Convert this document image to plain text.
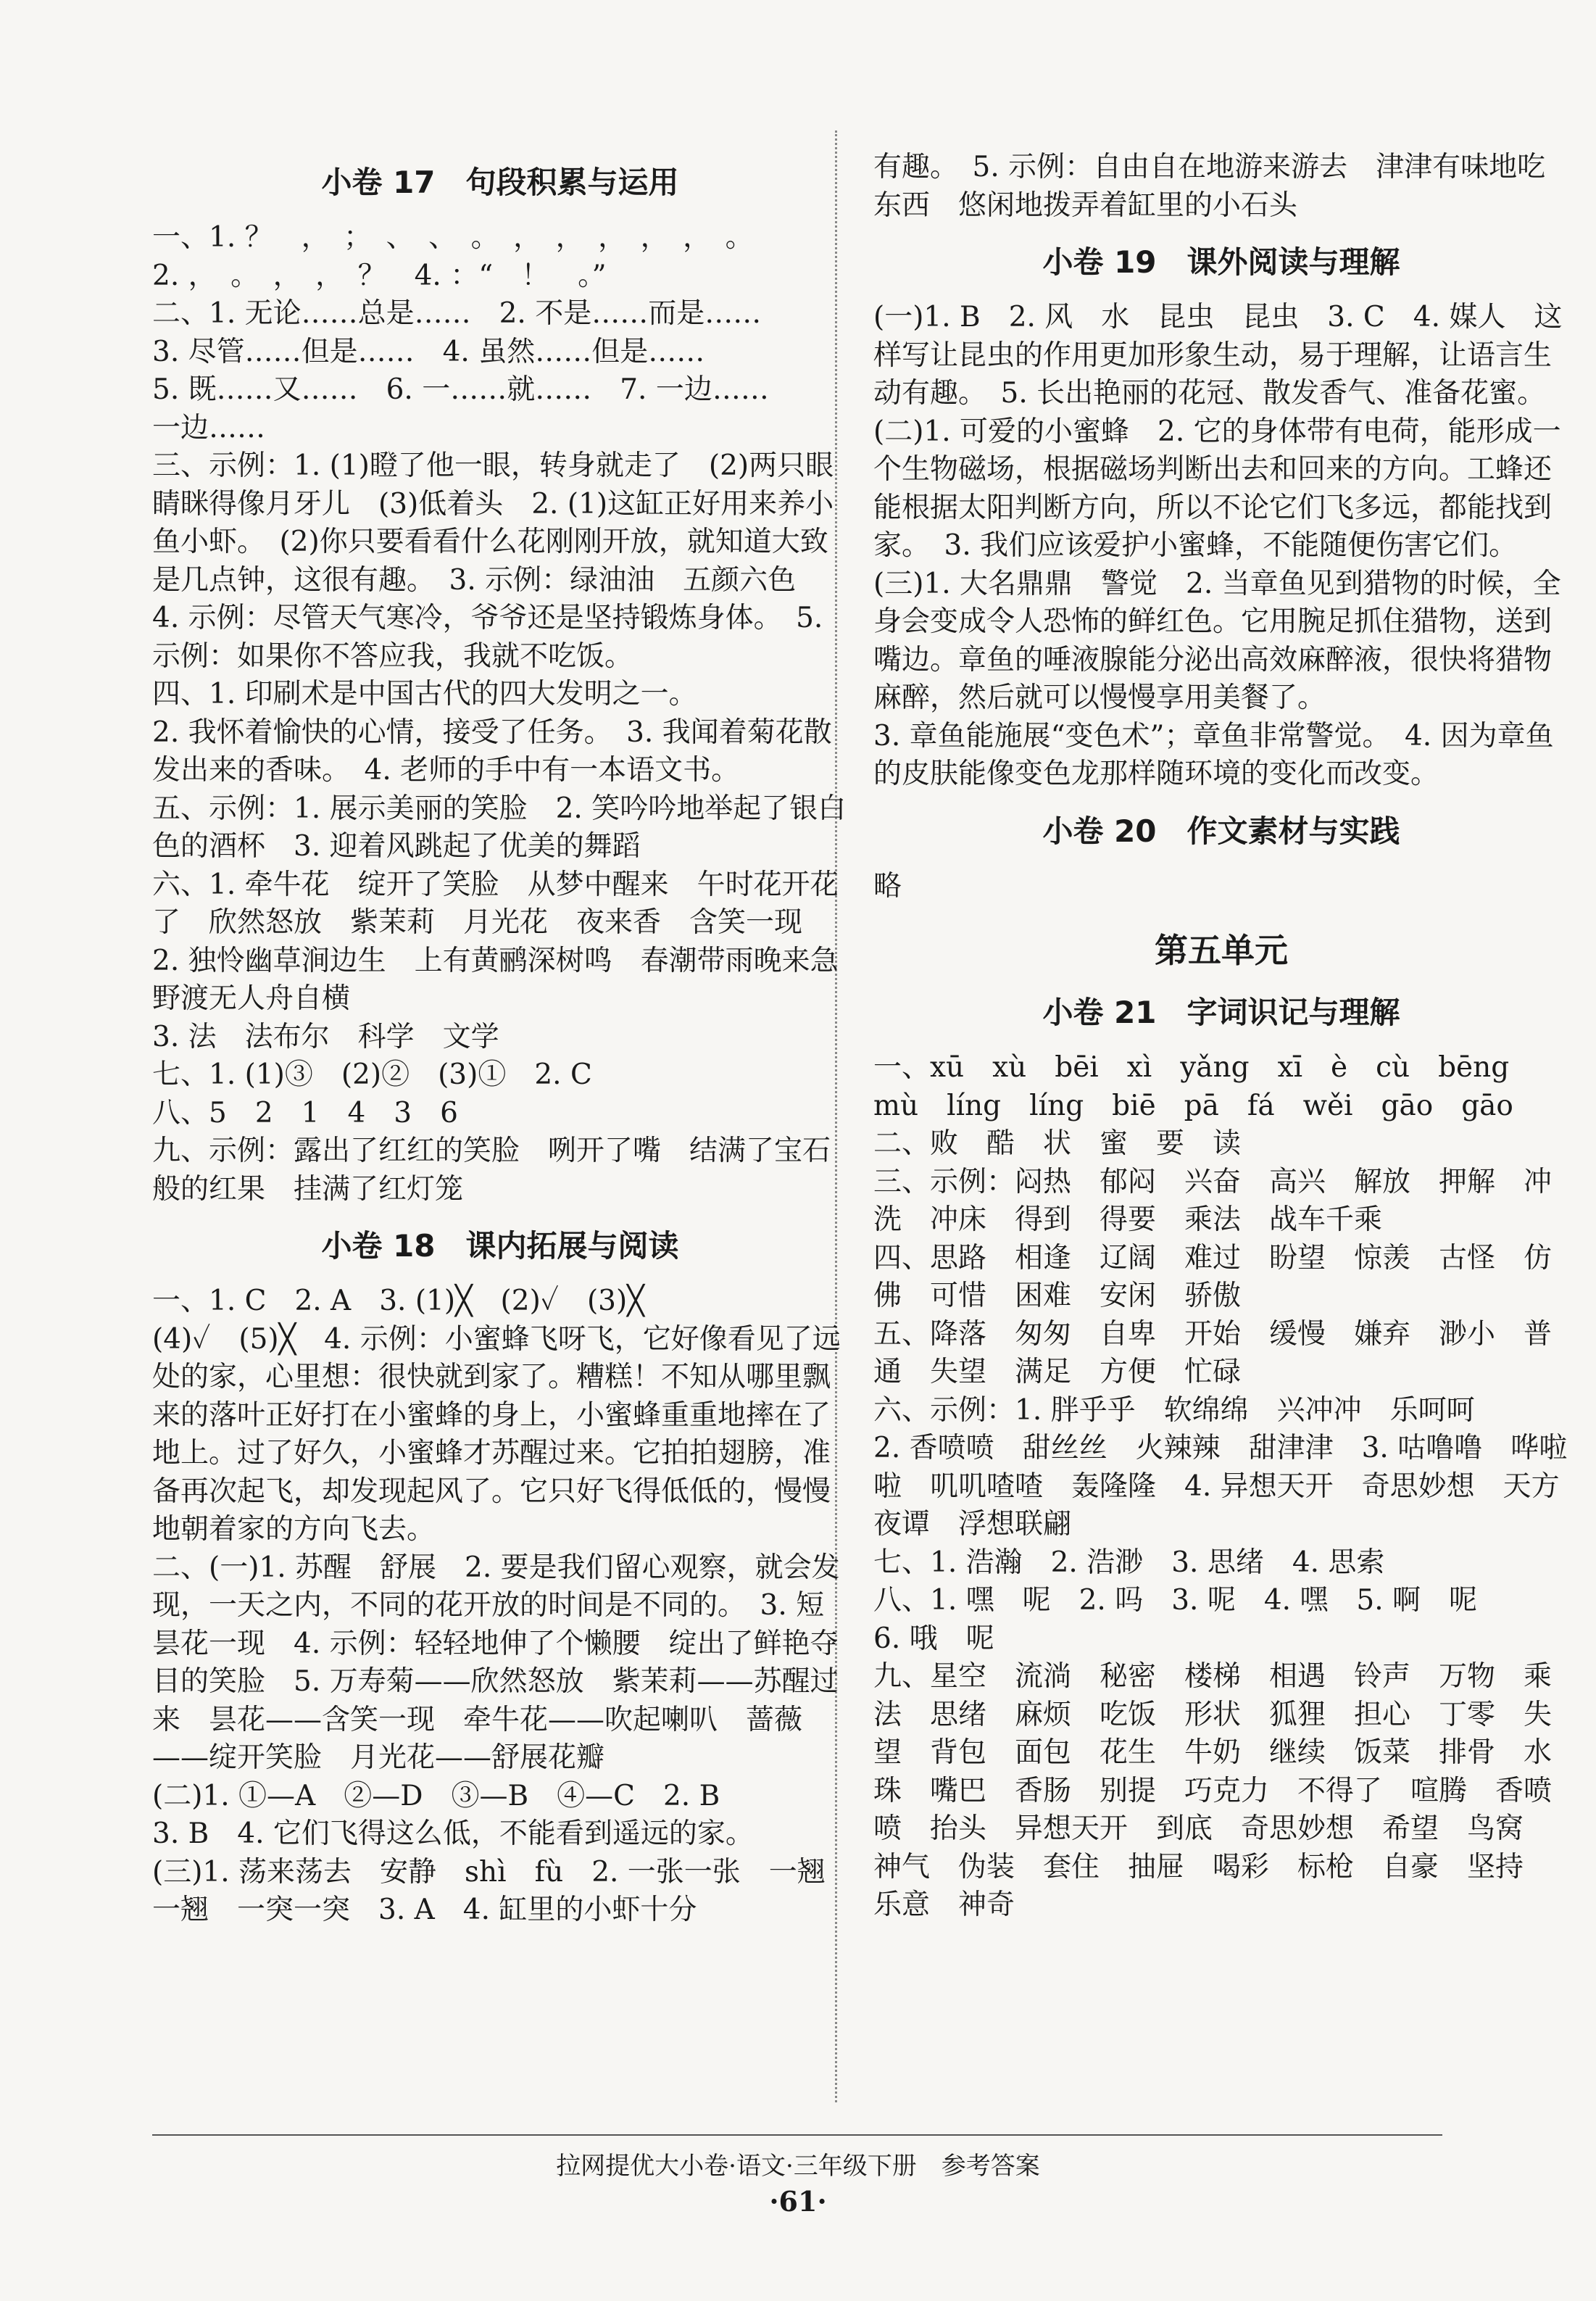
小卷 17　句段积累与运用
一、1. ？　，　；　、　、　。　，　，　，　，　，　。
2. ，　。　，　，　？　4. ：“　！　。”
二、1. 无论……总是……　2. 不是……而是……
3. 尽管……但是……　4. 虽然……但是……
5. 既……又……　6. 一……就……　7. 一边……
一边……
三、示例：1. (1)瞪了他一眼，转身就走了　(2)两只眼睛眯得像月牙儿　(3)低着头　2. (1)这缸正好用来养小鱼小虾。　(2)你只要看看什么花刚刚开放，就知道大致是几点钟，这很有趣。　3. 示例：绿油油　五颜六色　4. 示例：尽管天气寒冷，爷爷还是坚持锻炼身体。　5. 示例：如果你不答应我，我就不吃饭。
四、1. 印刷术是中国古代的四大发明之一。
2. 我怀着愉快的心情，接受了任务。　3. 我闻着菊花散发出来的香味。　4. 老师的手中有一本语文书。
五、示例：1. 展示美丽的笑脸　2. 笑吟吟地举起了银白色的酒杯　3. 迎着风跳起了优美的舞蹈
六、1. 牵牛花　绽开了笑脸　从梦中醒来　午时花开花了　欣然怒放　紫茉莉　月光花　夜来香　含笑一现　2. 独怜幽草涧边生　上有黄鹂深树鸣　春潮带雨晚来急　野渡无人舟自横
3. 法　法布尔　科学　文学
七、1. (1)③　(2)②　(3)①　2. C
八、5　2　1　4　3　6
九、示例：露出了红红的笑脸　咧开了嘴　结满了宝石般的红果　挂满了红灯笼
小卷 18　课内拓展与阅读
一、1. C　2. A　3. (1)╳　(2)✓　(3)╳
(4)✓　(5)╳　4. 示例：小蜜蜂飞呀飞，它好像看见了远处的家，心里想：很快就到家了。糟糕！不知从哪里飘来的落叶正好打在小蜜蜂的身上，小蜜蜂重重地摔在了地上。过了好久，小蜜蜂才苏醒过来。它拍拍翅膀，准备再次起飞，却发现起风了。它只好飞得低低的，慢慢地朝着家的方向飞去。
二、(一)1. 苏醒　舒展　2. 要是我们留心观察，就会发现，一天之内，不同的花开放的时间是不同的。　3. 短　昙花一现　4. 示例：轻轻地伸了个懒腰　绽出了鲜艳夺目的笑脸　5. 万寿菊——欣然怒放　紫茉莉——苏醒过来　昙花——含笑一现　牵牛花——吹起喇叭　蔷薇——绽开笑脸　月光花——舒展花瓣
(二)1. ①—A　②—D　③—B　④—C　2. B
3. B　4. 它们飞得这么低，不能看到遥远的家。
(三)1. 荡来荡去　安静　shì　fù　2. 一张一张　一翘一翘　一突一突　3. A　4. 缸里的小虾十分
有趣。　5. 示例：自由自在地游来游去　津津有味地吃东西　悠闲地拨弄着缸里的小石头
小卷 19　课外阅读与理解
(一)1. B　2. 风　水　昆虫　昆虫　3. C　4. 媒人　这样写让昆虫的作用更加形象生动，易于理解，让语言生动有趣。　5. 长出艳丽的花冠、散发香气、准备花蜜。
(二)1. 可爱的小蜜蜂　2. 它的身体带有电荷，能形成一个生物磁场，根据磁场判断出去和回来的方向。工蜂还能根据太阳判断方向，所以不论它们飞多远，都能找到家。　3. 我们应该爱护小蜜蜂，不能随便伤害它们。
(三)1. 大名鼎鼎　警觉　2. 当章鱼见到猎物的时候，全身会变成令人恐怖的鲜红色。它用腕足抓住猎物，送到嘴边。章鱼的唾液腺能分泌出高效麻醉液，很快将猎物麻醉，然后就可以慢慢享用美餐了。
3. 章鱼能施展“变色术”；章鱼非常警觉。　4. 因为章鱼的皮肤能像变色龙那样随环境的变化而改变。
小卷 20　作文素材与实践
略
第五单元
小卷 21　字词识记与理解
一、xū　xù　bēi　xì　yǎng　xī　è　cù　bēng
mù　líng　líng　biē　pā　fá　wěi　gāo　gāo
二、败　酷　状　蜜　要　读
三、示例：闷热　郁闷　兴奋　高兴　解放　押解　冲洗　冲床　得到　得要　乘法　战车千乘
四、思路　相逢　辽阔　难过　盼望　惊羡　古怪　仿佛　可惜　困难　安闲　骄傲
五、降落　匆匆　自卑　开始　缓慢　嫌弃　渺小　普通　失望　满足　方便　忙碌
六、示例：1. 胖乎乎　软绵绵　兴冲冲　乐呵呵
2. 香喷喷　甜丝丝　火辣辣　甜津津　3. 咕噜噜　哗啦啦　叽叽喳喳　轰隆隆　4. 异想天开　奇思妙想　天方夜谭　浮想联翩
七、1. 浩瀚　2. 浩渺　3. 思绪　4. 思索
八、1. 嘿　呢　2. 吗　3. 呢　4. 嘿　5. 啊　呢
6. 哦　呢
九、星空　流淌　秘密　楼梯　相遇　铃声　万物　乘法　思绪　麻烦　吃饭　形状　狐狸　担心　丁零　失望　背包　面包　花生　牛奶　继续　饭菜　排骨　水珠　嘴巴　香肠　别提　巧克力　不得了　喧腾　香喷喷　抬头　异想天开　到底　奇思妙想　希望　鸟窝　神气　伪装　套住　抽屉　喝彩　标枪　自豪　坚持　乐意　神奇
拉网提优大小卷·语文·三年级下册　参考答案
·61·
